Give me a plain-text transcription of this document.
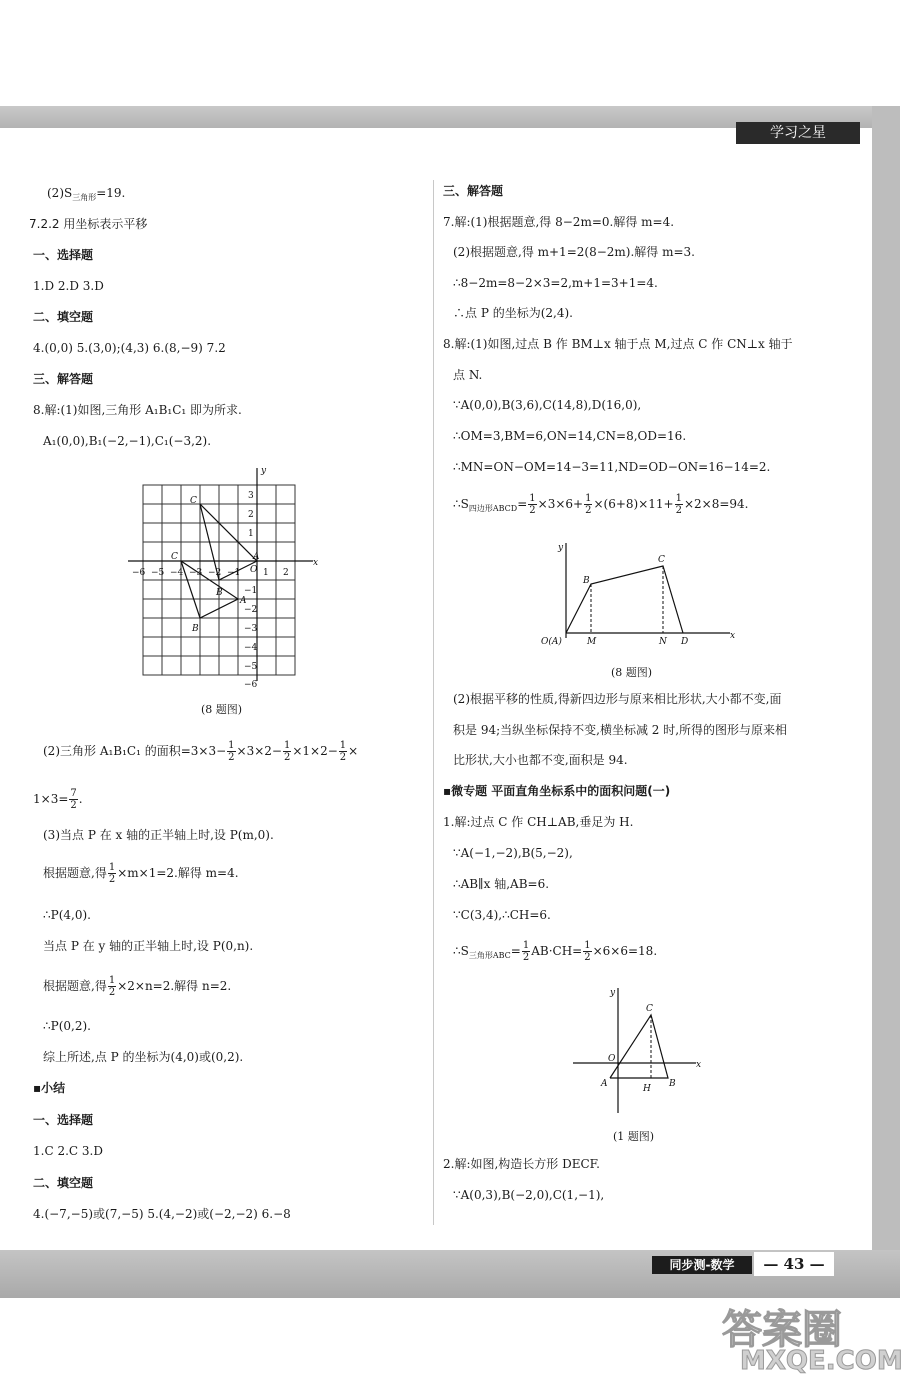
学习之星
$(2)S_{三角形}=19$.
7.2.2 用坐标表示平移
一、选择题
1.D 2.D 3.D
二、填空题
4.(0,0) 5.(3,0);(4,3) 6.(8,−9) 7.2
三、解答题
8.解:(1)如图,三角形 A₁B₁C₁ 即为所求.
A₁(0,0),B₁(−2,−1),C₁(−3,2).
−6 −5 −4 −3 −2 −1	1 2
x
y
O
3
2
1
−1
−2
−3
−4
−5
−6
C
A
B
C
A
B
(8 题图)
(2)三角形 A₁B₁C₁ 的面积$=3\times 3- \frac{1}{2} \times 3\times 2- \frac{1}{2} \times 1\times 2- \frac{1}{2}$ ×
$1\times 3= \frac{7}{2}$ .
(3)当点 P 在 x 轴的正半轴上时,设 P(m,0).
根据题意,得 $\frac{1}{2} \times m\times 1=2$.解得 m=4.
∴P(4,0).
当点 P 在 y 轴的正半轴上时,设 P(0,n).
根据题意,得 $\frac{1}{2} \times 2\times n=2$.解得 n=2.
∴P(0,2).
综上所述,点 P 的坐标为(4,0)或(0,2).
▪小结
一、选择题
1.C 2.C 3.D
二、填空题
4.(−7,−5)或(7,−5) 5.(4,−2)或(−2,−2) 6.−8
三、解答题
7.解:(1)根据题意,得 8−2m=0.解得 m=4.
(2)根据题意,得 m+1=2(8−2m).解得 m=3.
∴8−2m=8−2×3=2,m+1=3+1=4.
∴点 P 的坐标为(2,4).
8.解:(1)如图,过点 B 作 BM⊥x 轴于点 M,过点 C 作 CN⊥x 轴于
点 N.
∵A(0,0),B(3,6),C(14,8),D(16,0),
∴OM=3,BM=6,ON=14,CN=8,OD=16.
∴MN=ON−OM=14−3=11,ND=OD−ON=16−14=2.
$\therefore S_{四边形ABCD}= \frac{1}{2} \times 3\times 6+ \frac{1}{2} \times(6+8)\times 11+ \frac{1}{2} \times 2\times 8=94$.
x
y
O(A)
B
C
M	N D
(8 题图)
(2)根据平移的性质,得新四边形与原来相比形状,大小都不变,面
积是 94;当纵坐标保持不变,横坐标减 2 时,所得的图形与原来相
比形状,大小也都不变,面积是 94.
▪微专题 平面直角坐标系中的面积问题(一)
1.解:过点 C 作 CH⊥AB,垂足为 H.
∵A(−1,−2),B(5,−2),
∴AB∥x 轴,AB=6.
∵C(3,4),∴CH=6.
$\therefore S_{三角形ABC}= \frac{1}{2} AB\cdot CH= \frac{1}{2} \times 6\times 6=18$.
x
y
O
C
A	B
H
(1 题图)
2.解:如图,构造长方形 DECF.
∵A(0,3),B(−2,0),C(1,−1),
同步测-数学	— 43 —
答案圈
MXQE.COM
